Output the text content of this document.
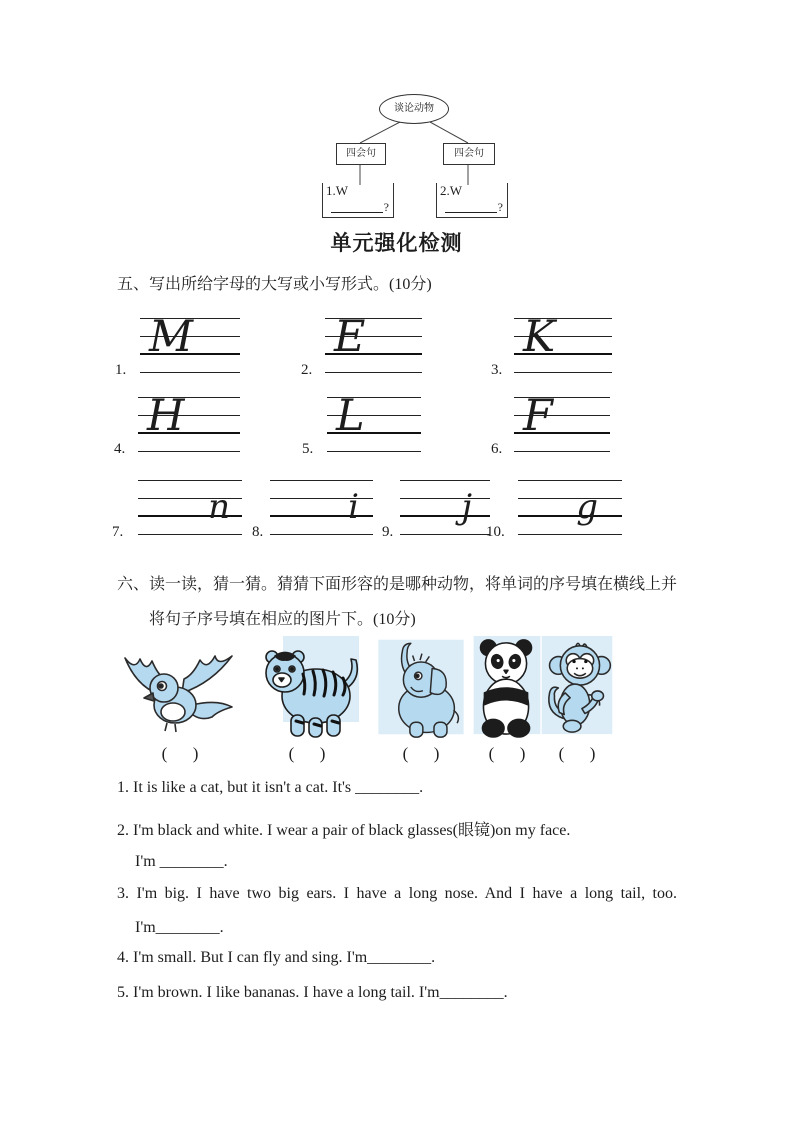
谈论动物
四会句	四会句
1.W
?
2.W
?
单元强化检测
五、写出所给字母的大写或小写形式。(10分)
1.
M
2.
E
3.
K
4.
H
5.
L
6.
F
7.
n
8.
i
9.
j
10.
g
六、读一读，猜一猜。猜猜下面形容的是哪种动物，将单词的序号填在横线上并
将句子序号填在相应的图片下。(10分)
(      )	(      )	(      )	(      )	(      )
1. It is like a cat, but it isn't a cat. It's ________.
2. I'm black and white. I wear a pair of black glasses(眼镜)on my face.
I'm ________.
3. I'm big. I have two big ears. I have a long nose. And I have a long tail, too.
I'm________.
4. I'm small. But I can fly and sing. I'm________.
5. I'm brown. I like bananas. I have a long tail. I'm________.
